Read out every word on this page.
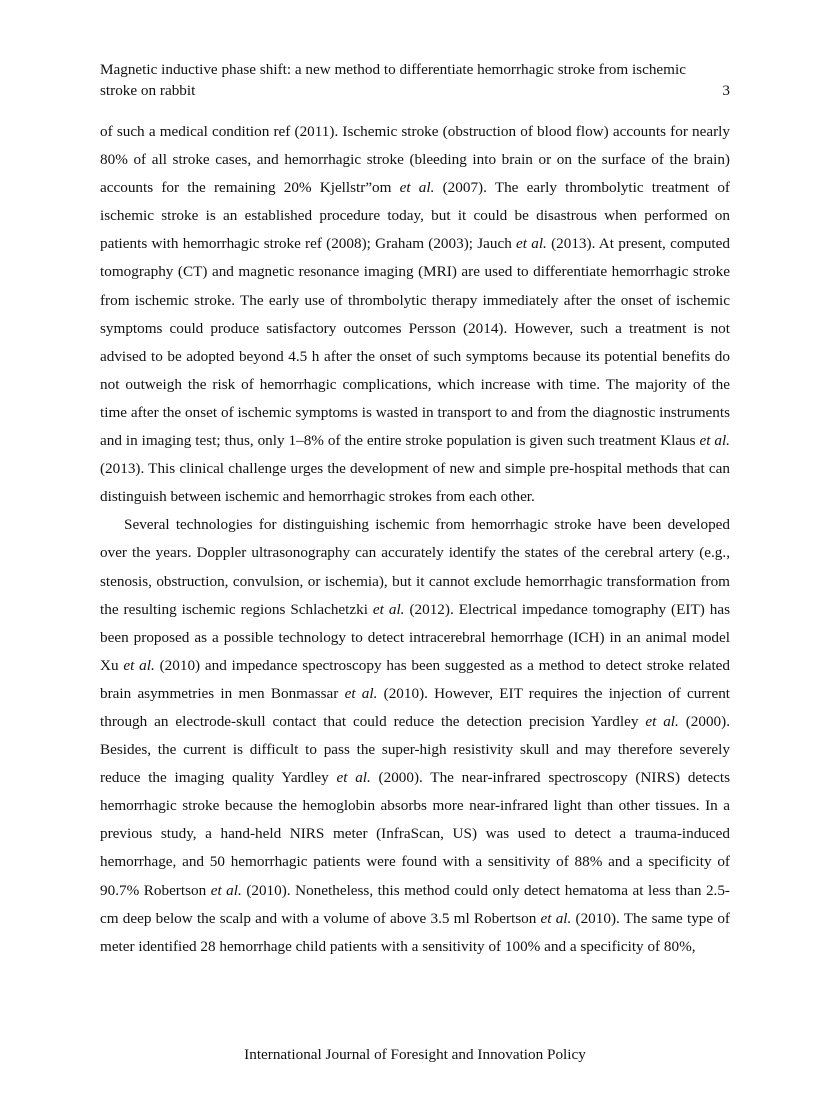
Magnetic inductive phase shift: a new method to differentiate hemorrhagic stroke from ischemic stroke on rabbit	3

of such a medical condition ref (2011). Ischemic stroke (obstruction of blood flow) accounts for nearly 80% of all stroke cases, and hemorrhagic stroke (bleeding into brain or on the surface of the brain) accounts for the remaining 20% Kjellstr”om et al. (2007). The early thrombolytic treatment of ischemic stroke is an established procedure today, but it could be disastrous when performed on patients with hemorrhagic stroke ref (2008); Graham (2003); Jauch et al. (2013). At present, computed tomography (CT) and magnetic resonance imaging (MRI) are used to differentiate hemorrhagic stroke from ischemic stroke. The early use of thrombolytic therapy immediately after the onset of ischemic symptoms could produce satisfactory outcomes Persson (2014). However, such a treatment is not advised to be adopted beyond 4.5 h after the onset of such symptoms because its potential benefits do not outweigh the risk of hemorrhagic complications, which increase with time. The majority of the time after the onset of ischemic symptoms is wasted in transport to and from the diagnostic instruments and in imaging test; thus, only 1–8% of the entire stroke population is given such treatment Klaus et al. (2013). This clinical challenge urges the development of new and simple pre-hospital methods that can distinguish between ischemic and hemorrhagic strokes from each other.

Several technologies for distinguishing ischemic from hemorrhagic stroke have been developed over the years. Doppler ultrasonography can accurately identify the states of the cerebral artery (e.g., stenosis, obstruction, convulsion, or ischemia), but it cannot exclude hemorrhagic transformation from the resulting ischemic regions Schlachetzki et al. (2012). Electrical impedance tomography (EIT) has been proposed as a possible technology to detect intracerebral hemorrhage (ICH) in an animal model Xu et al. (2010) and impedance spectroscopy has been suggested as a method to detect stroke related brain asymmetries in men Bonmassar et al. (2010). However, EIT requires the injection of current through an electrode-skull contact that could reduce the detection precision Yardley et al. (2000). Besides, the current is difficult to pass the super-high resistivity skull and may therefore severely reduce the imaging quality Yardley et al. (2000). The near-infrared spectroscopy (NIRS) detects hemorrhagic stroke because the hemoglobin absorbs more near-infrared light than other tissues. In a previous study, a hand-held NIRS meter (InfraScan, US) was used to detect a trauma-induced hemorrhage, and 50 hemorrhagic patients were found with a sensitivity of 88% and a specificity of 90.7% Robertson et al. (2010). Nonetheless, this method could only detect hematoma at less than 2.5-cm deep below the scalp and with a volume of above 3.5 ml Robertson et al. (2010). The same type of meter identified 28 hemorrhage child patients with a sensitivity of 100% and a specificity of 80%,

International Journal of Foresight and Innovation Policy
